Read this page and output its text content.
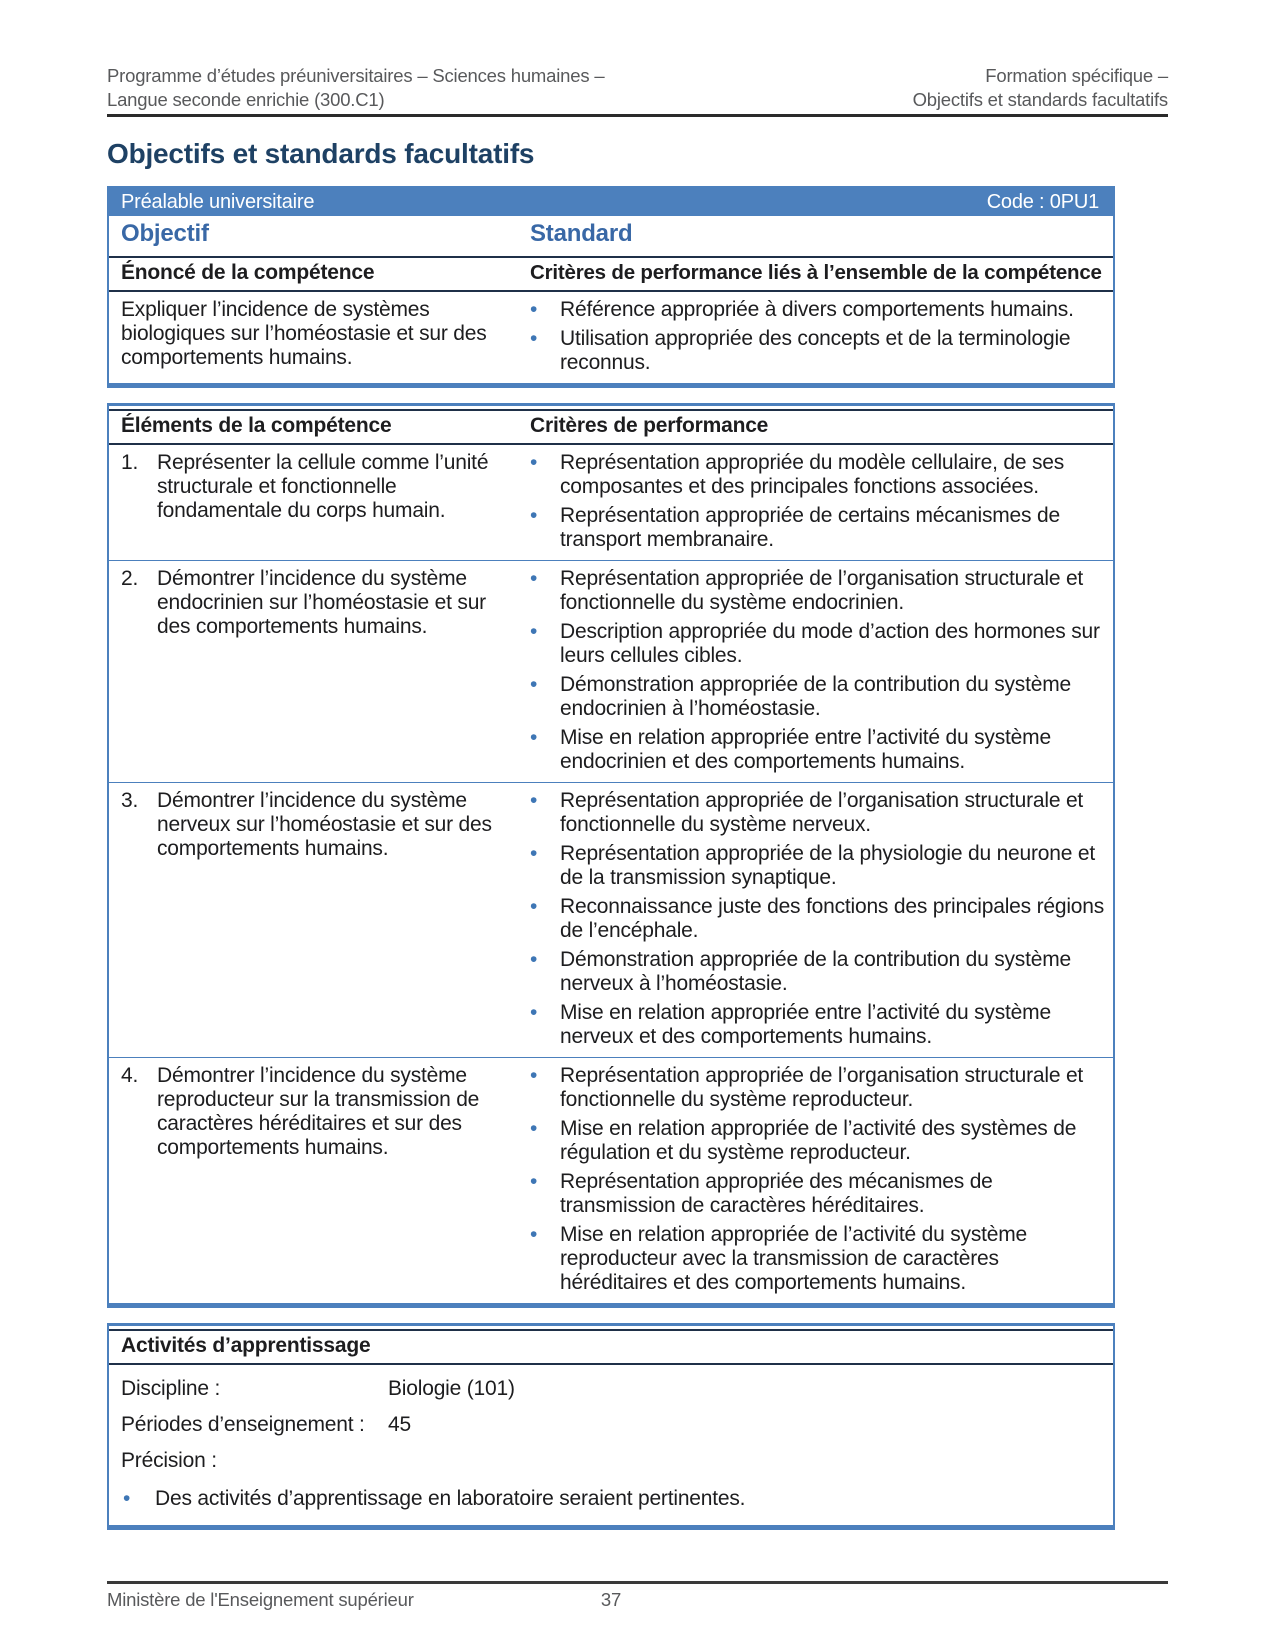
Programme d’études préuniversitaires – Sciences humaines –
Langue seconde enrichie (300.C1)
Formation spécifique –
Objectifs et standards facultatifs
Objectifs et standards facultatifs
Préalable universitaire	Code : 0PU1
Objectif	Standard
Énoncé de la compétence	Critères de performance liés à l’ensemble de la compétence

Expliquer l’incidence de systèmes biologiques sur l’homéostasie et sur des comportements humains.

•	Référence appropriée à divers comportements humains.
•	Utilisation appropriée des concepts et de la terminologie reconnus.
Éléments de la compétence	Critères de performance
1. Représenter la cellule comme l’unité structurale et fonctionnelle fondamentale du corps humain.

•	Représentation appropriée du modèle cellulaire, de ses composantes et des principales fonctions associées.
•	Représentation appropriée de certains mécanismes de transport membranaire.
2. Démontrer l’incidence du système endocrinien sur l’homéostasie et sur des comportements humains.

•	Représentation appropriée de l’organisation structurale et fonctionnelle du système endocrinien.
•	Description appropriée du mode d’action des hormones sur leurs cellules cibles.
•	Démonstration appropriée de la contribution du système endocrinien à l’homéostasie.
•	Mise en relation appropriée entre l’activité du système endocrinien et des comportements humains.
3. Démontrer l’incidence du système nerveux sur l’homéostasie et sur des comportements humains.

•	Représentation appropriée de l’organisation structurale et fonctionnelle du système nerveux.
•	Représentation appropriée de la physiologie du neurone et de la transmission synaptique.
•	Reconnaissance juste des fonctions des principales régions de l’encéphale.
•	Démonstration appropriée de la contribution du système nerveux à l’homéostasie.
•	Mise en relation appropriée entre l’activité du système nerveux et des comportements humains.
4. Démontrer l’incidence du système reproducteur sur la transmission de caractères héréditaires et sur des comportements humains.

•	Représentation appropriée de l’organisation structurale et fonctionnelle du système reproducteur.
•	Mise en relation appropriée de l’activité des systèmes de régulation et du système reproducteur.
•	Représentation appropriée des mécanismes de transmission de caractères héréditaires.
•	Mise en relation appropriée de l’activité du système reproducteur avec la transmission de caractères héréditaires et des comportements humains.
Activités d’apprentissage
Discipline :	Biologie (101)
Périodes d’enseignement :	45
Précision :
•	Des activités d’apprentissage en laboratoire seraient pertinentes.
37
Ministère de l'Enseignement supérieur
